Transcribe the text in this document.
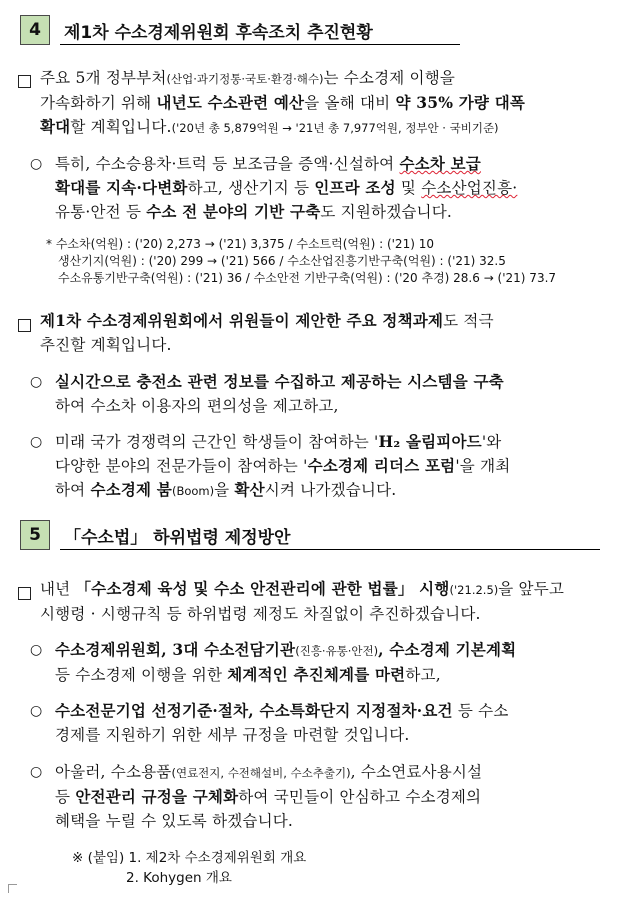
4	제1차 수소경제위원회 후속조치 추진현황
주요 5개 정부부처(산업·과기정통·국토·환경·해수)는 수소경제 이행을
가속화하기 위해 내년도 수소관련 예산을 올해 대비 약 35% 가량 대폭
확대할 계획입니다.('20년 총 5,879억원 → '21년 총 7,977억원, 정부안 · 국비기준)
○ 특히, 수소승용차·트럭 등 보조금을 증액·신설하여 수소차 보급
확대를 지속·다변화하고, 생산기지 등 인프라 조성 및 수소산업진흥·
유통·안전 등 수소 전 분야의 기반 구축도 지원하겠습니다.
* 수소차(억원) : ('20) 2,273 → ('21) 3,375 / 수소트럭(억원) : ('21) 10
생산기지(억원) : ('20) 299 → ('21) 566 / 수소산업진흥기반구축(억원) : ('21) 32.5
수소유통기반구축(억원) : ('21) 36 / 수소안전 기반구축(억원) : ('20 추경) 28.6 → ('21) 73.7
제1차 수소경제위원회에서 위원들이 제안한 주요 정책과제도 적극
추진할 계획입니다.
○ 실시간으로 충전소 관련 정보를 수집하고 제공하는 시스템을 구축
하여 수소차 이용자의 편의성을 제고하고,
○ 미래 국가 경쟁력의 근간인 학생들이 참여하는 'H₂ 올림피아드'와
다양한 분야의 전문가들이 참여하는 '수소경제 리더스 포럼'을 개최
하여 수소경제 붐(Boom)을 확산시켜 나가겠습니다.
5	「수소법」 하위법령 제정방안
내년 「수소경제 육성 및 수소 안전관리에 관한 법률」 시행('21.2.5)을 앞두고
시행령 · 시행규칙 등 하위법령 제정도 차질없이 추진하겠습니다.
○ 수소경제위원회, 3대 수소전담기관(진흥·유통·안전), 수소경제 기본계획
등 수소경제 이행을 위한 체계적인 추진체계를 마련하고,
○ 수소전문기업 선정기준·절차, 수소특화단지 지정절차·요건 등 수소
경제를 지원하기 위한 세부 규정을 마련할 것입니다.
○ 아울러, 수소용품(연료전지, 수전해설비, 수소추출기), 수소연료사용시설
등 안전관리 규정을 구체화하여 국민들이 안심하고 수소경제의
혜택을 누릴 수 있도록 하겠습니다.
※ (붙임) 1. 제2차 수소경제위원회 개요
2. Kohygen 개요
